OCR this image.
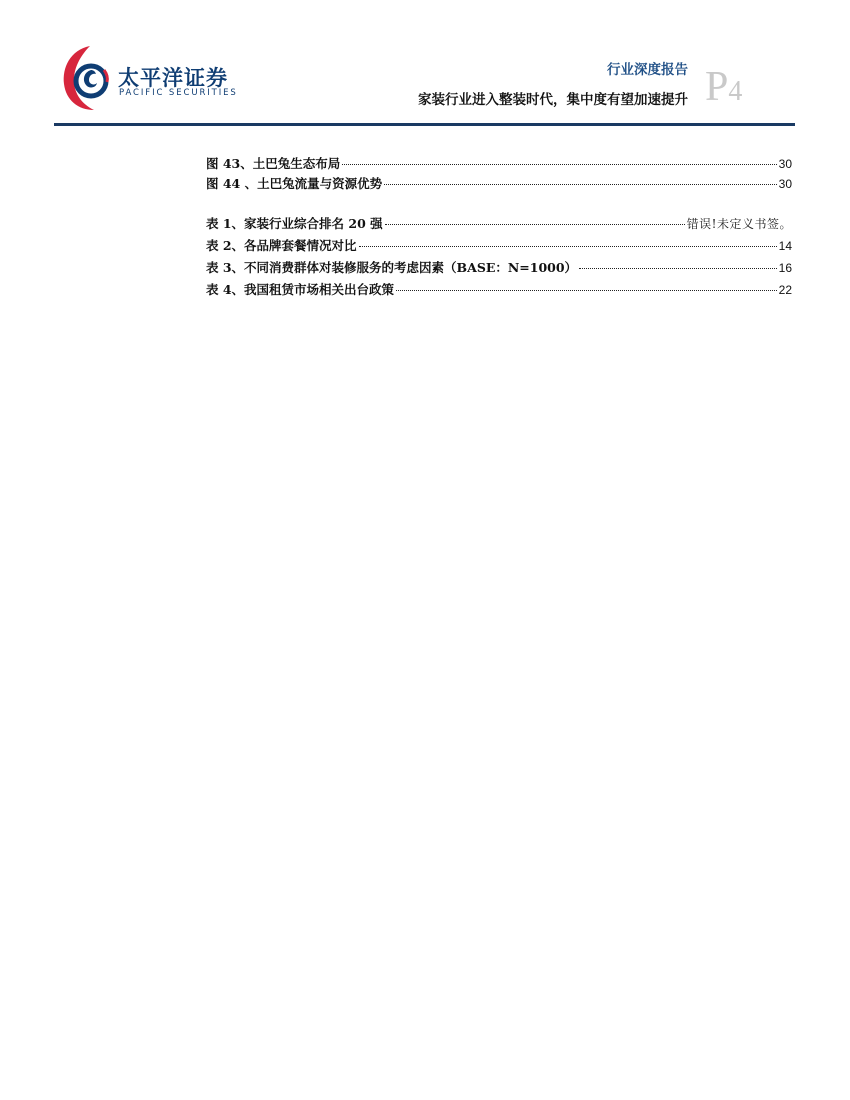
太平洋证券
PACIFIC SECURITIES
行业深度报告
家装行业进入整装时代，集中度有望加速提升 P4
图 43、土巴兔生态布局	30
图 44 、土巴兔流量与资源优势	30
表 1、家装行业综合排名 20 强	错误!未定义书签。
表 2、各品牌套餐情况对比	14
表 3、不同消费群体对装修服务的考虑因素（BASE：N=1000）	16
表 4、我国租赁市场相关出台政策	22
